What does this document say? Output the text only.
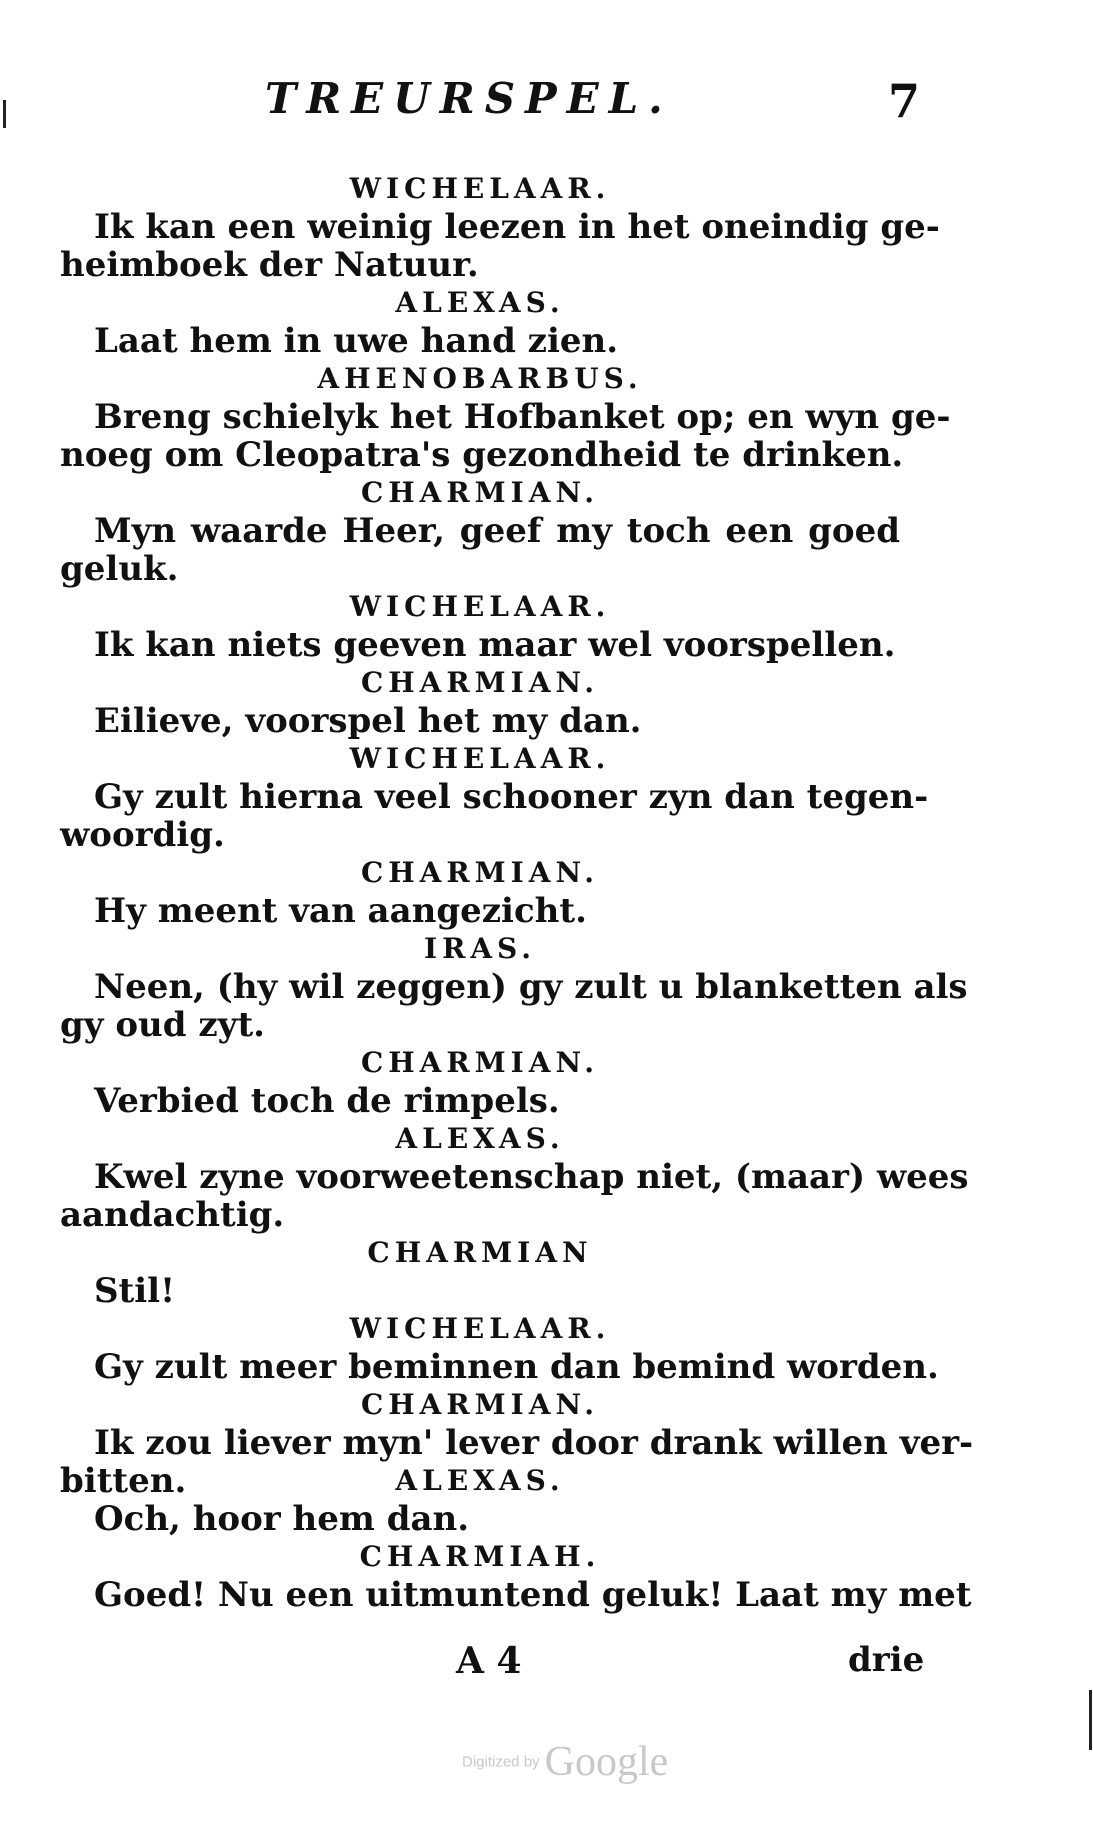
TREURSPEL.	7
WICHELAAR.
Ik kan een weinig leezen in het oneindig ge-
heimboek der Natuur.
ALEXAS.
Laat hem in uwe hand zien.
AHENOBARBUS.
Breng schielyk het Hofbanket op; en wyn ge-
noeg om Cleopatra's gezondheid te drinken.
CHARMIAN.
Myn waarde Heer, geef my toch een goed
geluk.
WICHELAAR.
Ik kan niets geeven maar wel voorspellen.
CHARMIAN.
Eilieve, voorspel het my dan.
WICHELAAR.
Gy zult hierna veel schooner zyn dan tegen-
woordig.
CHARMIAN.
Hy meent van aangezicht.
IRAS.
Neen, (hy wil zeggen) gy zult u blanketten als
gy oud zyt.
CHARMIAN.
Verbied toch de rimpels.
ALEXAS.
Kwel zyne voorweetenschap niet, (maar) wees
aandachtig.
CHARMIAN
Stil!
WICHELAAR.
Gy zult meer beminnen dan bemind worden.
CHARMIAN.
Ik zou liever myn' lever door drank willen ver-
bitten.	ALEXAS.
Och, hoor hem dan.
CHARMIAH.
Goed! Nu een uitmuntend geluk! Laat my met
A 4	drie
Digitized by Google
